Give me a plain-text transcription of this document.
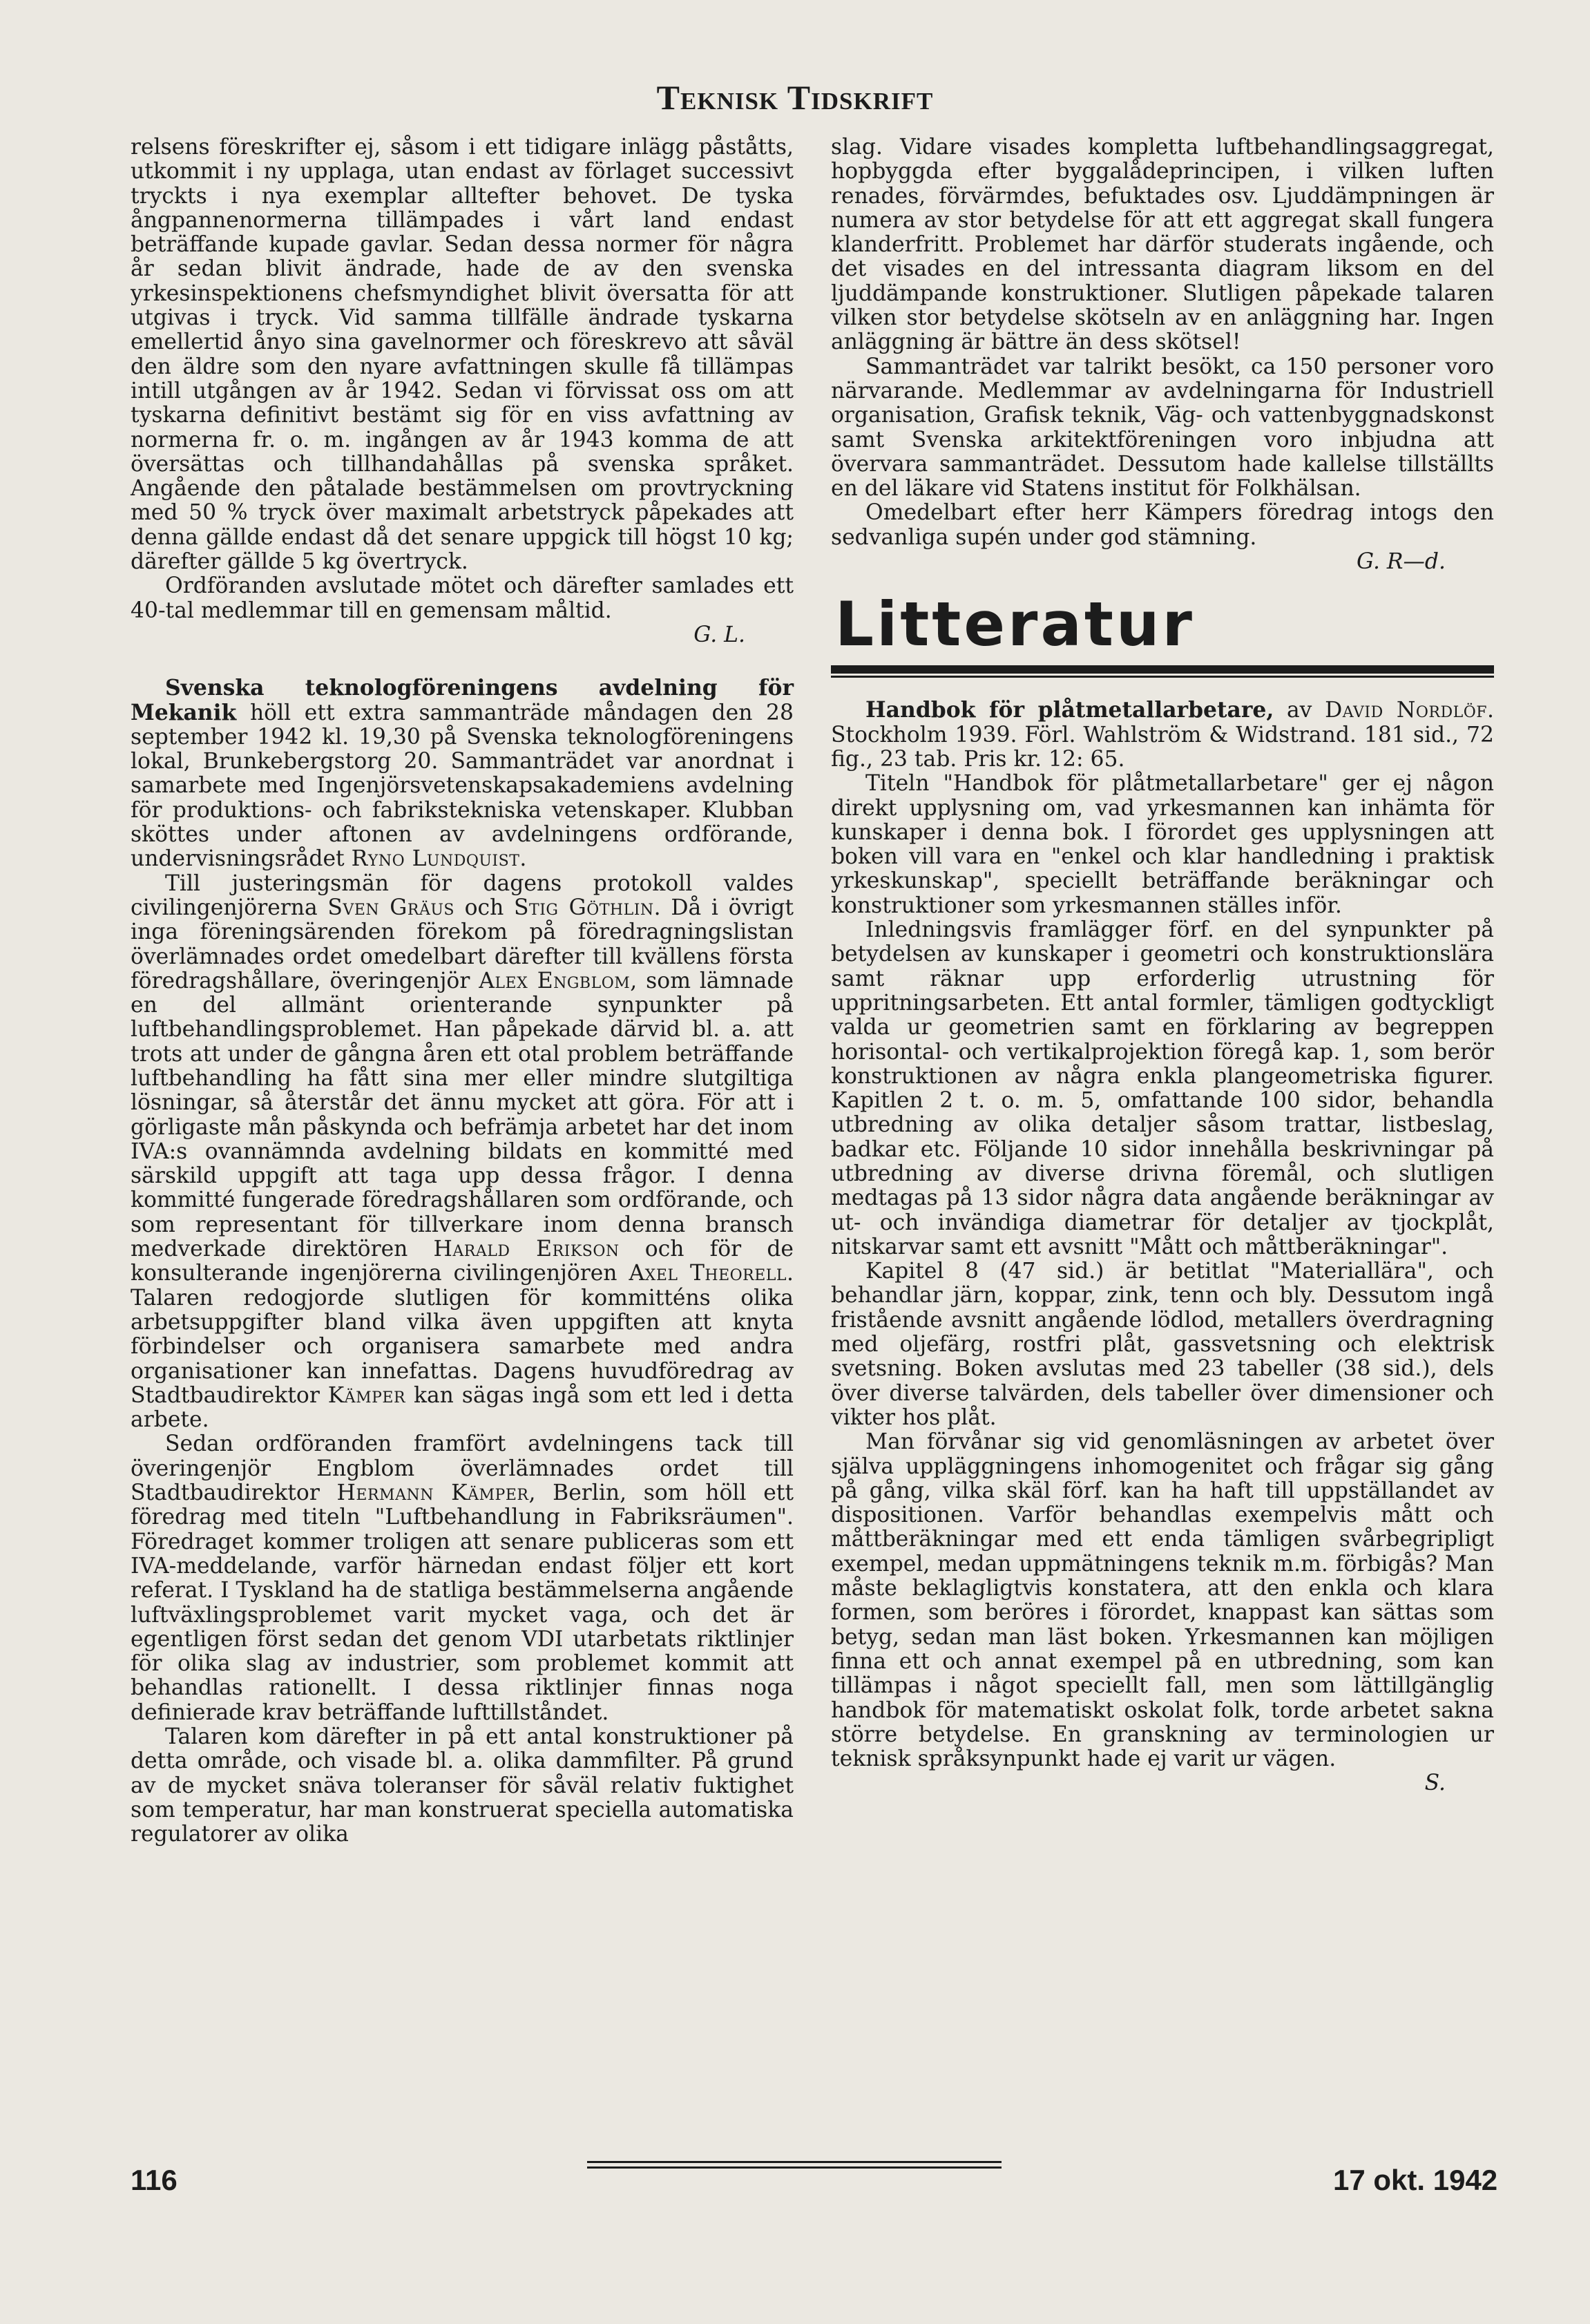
Teknisk Tidskrift

relsens föreskrifter ej, såsom i ett tidigare inlägg påståtts, utkommit i ny upplaga, utan endast av förlaget successivt tryckts i nya exemplar alltefter behovet. De tyska ångpannenormerna tillämpades i vårt land endast beträffande kupade gavlar. Sedan dessa normer för några år sedan blivit ändrade, hade de av den svenska yrkesinspektionens chefsmyndighet blivit översatta för att utgivas i tryck. Vid samma tillfälle ändrade tyskarna emellertid ånyo sina gavelnormer och föreskrevo att såväl den äldre som den nyare avfattningen skulle få tillämpas intill utgången av år 1942. Sedan vi förvissat oss om att tyskarna definitivt bestämt sig för en viss avfattning av normerna fr. o. m. ingången av år 1943 komma de att översättas och tillhandahållas på svenska språket. Angående den påtalade bestämmelsen om provtryckning med 50 % tryck över maximalt arbetstryck påpekades att denna gällde endast då det senare uppgick till högst 10 kg; därefter gällde 5 kg övertryck.

Ordföranden avslutade mötet och därefter samlades ett 40-tal medlemmar till en gemensam måltid.

G. L.

Svenska teknologföreningens avdelning för Mekanik höll ett extra sammanträde måndagen den 28 september 1942 kl. 19,30 på Svenska teknologföreningens lokal, Brunkebergstorg 20. Sammanträdet var anordnat i samarbete med Ingenjörsvetenskapsakademiens avdelning för produktions- och fabrikstekniska vetenskaper. Klubban sköttes under aftonen av avdelningens ordförande, undervisningsrådet Ryno Lundquist.

Till justeringsmän för dagens protokoll valdes civilingenjörerna Sven Gräus och Stig Göthlin. Då i övrigt inga föreningsärenden förekom på föredragningslistan överlämnades ordet omedelbart därefter till kvällens första föredragshållare, överingenjör Alex Engblom, som lämnade en del allmänt orienterande synpunkter på luftbehandlingsproblemet. Han påpekade därvid bl. a. att trots att under de gångna åren ett otal problem beträffande luftbehandling ha fått sina mer eller mindre slutgiltiga lösningar, så återstår det ännu mycket att göra. För att i görligaste mån påskynda och befrämja arbetet har det inom IVA:s ovannämnda avdelning bildats en kommitté med särskild uppgift att taga upp dessa frågor. I denna kommitté fungerade föredragshållaren som ordförande, och som representant för tillverkare inom denna bransch medverkade direktören Harald Erikson och för de konsulterande ingenjörerna civilingenjören Axel Theorell. Talaren redogjorde slutligen för kommitténs olika arbetsuppgifter bland vilka även uppgiften att knyta förbindelser och organisera samarbete med andra organisationer kan innefattas. Dagens huvudföredrag av Stadtbaudirektor Kämper kan sägas ingå som ett led i detta arbete.

Sedan ordföranden framfört avdelningens tack till överingenjör Engblom överlämnades ordet till Stadtbaudirektor Hermann Kämper, Berlin, som höll ett föredrag med titeln "Luftbehandlung in Fabriksräumen". Föredraget kommer troligen att senare publiceras som ett IVA-meddelande, varför härnedan endast följer ett kort referat. I Tyskland ha de statliga bestämmelserna angående luftväxlingsproblemet varit mycket vaga, och det är egentligen först sedan det genom VDI utarbetats riktlinjer för olika slag av industrier, som problemet kommit att behandlas rationellt. I dessa riktlinjer finnas noga definierade krav beträffande lufttillståndet.

Talaren kom därefter in på ett antal konstruktioner på detta område, och visade bl. a. olika dammfilter. På grund av de mycket snäva toleranser för såväl relativ fuktighet som temperatur, har man konstruerat speciella automatiska regulatorer av olika

slag. Vidare visades kompletta luftbehandlingsaggregat, hopbyggda efter byggalådeprincipen, i vilken luften renades, förvärmdes, befuktades osv. Ljuddämpningen är numera av stor betydelse för att ett aggregat skall fungera klanderfritt. Problemet har därför studerats ingående, och det visades en del intressanta diagram liksom en del ljuddämpande konstruktioner. Slutligen påpekade talaren vilken stor betydelse skötseln av en anläggning har. Ingen anläggning är bättre än dess skötsel!

Sammanträdet var talrikt besökt, ca 150 personer voro närvarande. Medlemmar av avdelningarna för Industriell organisation, Grafisk teknik, Väg- och vattenbyggnadskonst samt Svenska arkitektföreningen voro inbjudna att övervara sammanträdet. Dessutom hade kallelse tillställts en del läkare vid Statens institut för Folkhälsan.

Omedelbart efter herr Kämpers föredrag intogs den sedvanliga supén under god stämning.

G. R—d.

Litteratur

Handbok för plåtmetallarbetare, av David Nordlöf. Stockholm 1939. Förl. Wahlström & Widstrand. 181 sid., 72 fig., 23 tab. Pris kr. 12: 65.

Titeln "Handbok för plåtmetallarbetare" ger ej någon direkt upplysning om, vad yrkesmannen kan inhämta för kunskaper i denna bok. I förordet ges upplysningen att boken vill vara en "enkel och klar handledning i praktisk yrkeskunskap", speciellt beträffande beräkningar och konstruktioner som yrkesmannen ställes inför.

Inledningsvis framlägger förf. en del synpunkter på betydelsen av kunskaper i geometri och konstruktionslära samt räknar upp erforderlig utrustning för uppritningsarbeten. Ett antal formler, tämligen godtyckligt valda ur geometrien samt en förklaring av begreppen horisontal- och vertikalprojektion föregå kap. 1, som berör konstruktionen av några enkla plangeometriska figurer. Kapitlen 2 t. o. m. 5, omfattande 100 sidor, behandla utbredning av olika detaljer såsom trattar, listbeslag, badkar etc. Följande 10 sidor innehålla beskrivningar på utbredning av diverse drivna föremål, och slutligen medtagas på 13 sidor några data angående beräkningar av ut- och invändiga diametrar för detaljer av tjockplåt, nitskarvar samt ett avsnitt "Mått och måttberäkningar".

Kapitel 8 (47 sid.) är betitlat "Materiallära", och behandlar järn, koppar, zink, tenn och bly. Dessutom ingå fristående avsnitt angående lödlod, metallers överdragning med oljefärg, rostfri plåt, gassvetsning och elektrisk svetsning. Boken avslutas med 23 tabeller (38 sid.), dels över diverse talvärden, dels tabeller över dimensioner och vikter hos plåt.

Man förvånar sig vid genomläsningen av arbetet över själva uppläggningens inhomogenitet och frågar sig gång på gång, vilka skäl förf. kan ha haft till uppställandet av dispositionen. Varför behandlas exempelvis mått och måttberäkningar med ett enda tämligen svårbegripligt exempel, medan uppmätningens teknik m.m. förbigås? Man måste beklagligtvis konstatera, att den enkla och klara formen, som beröres i förordet, knappast kan sättas som betyg, sedan man läst boken. Yrkesmannen kan möjligen finna ett och annat exempel på en utbredning, som kan tillämpas i något speciellt fall, men som lättillgänglig handbok för matematiskt oskolat folk, torde arbetet sakna större betydelse. En granskning av terminologien ur teknisk språksynpunkt hade ej varit ur vägen.

S.

116	17 okt. 1942
